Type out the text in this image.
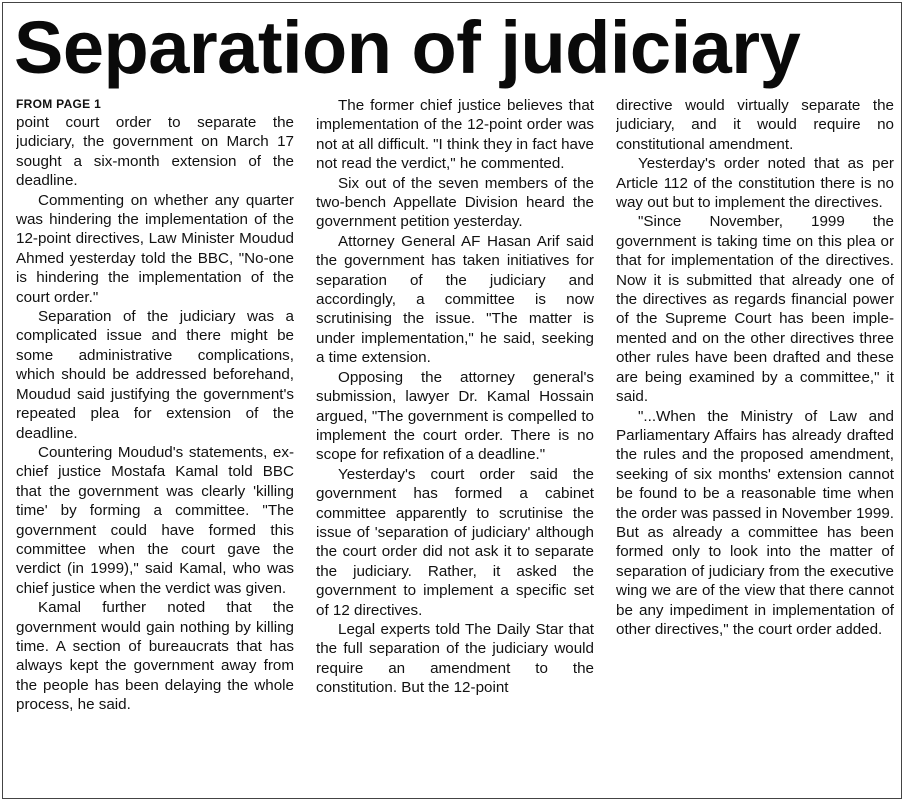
Separation of judiciary
FROM PAGE 1

point court order to separate the judiciary, the government on March 17 sought a six-month extension of the deadline.

Commenting on whether any quarter was hindering the implementation of the 12-point directives, Law Minister Moudud Ahmed yesterday told the BBC, "No-one is hindering the implementation of the court order."

Separation of the judiciary was a complicated issue and there might be some administrative complications, which should be addressed beforehand, Moudud said justifying the government's repeated plea for extension of the deadline.

Countering Moudud's statements, ex-chief justice Mostafa Kamal told BBC that the government was clearly 'killing time' by forming a committee. "The government could have formed this committee when the court gave the verdict (in 1999)," said Kamal, who was chief justice when the verdict was given.

Kamal further noted that the government would gain nothing by killing time. A section of bureaucrats that has always kept the government away from the people has been delaying the whole process, he said.

The former chief justice believes that implementation of the 12-point order was not at all difficult. "I think they in fact have not read the verdict," he commented.

Six out of the seven members of the two-bench Appellate Division heard the government petition yesterday.

Attorney General AF Hasan Arif said the government has taken initiatives for separation of the judiciary and accordingly, a committee is now scrutinising the issue. "The matter is under implementation," he said, seeking a time extension.

Opposing the attorney general's submission, lawyer Dr. Kamal Hossain argued, "The government is compelled to implement the court order. There is no scope for refixation of a deadline."

Yesterday's court order said the government has formed a cabinet committee apparently to scrutinise the issue of 'separation of judiciary' although the court order did not ask it to separate the judiciary. Rather, it asked the government to implement a specific set of 12 directives.

Legal experts told The Daily Star that the full separation of the judiciary would require an amendment to the constitution. But the 12-point

directive would virtually separate the judiciary, and it would require no constitutional amendment.

Yesterday's order noted that as per Article 112 of the constitution there is no way out but to implement the directives.

"Since November, 1999 the government is taking time on this plea or that for implementation of the directives. Now it is submitted that already one of the directives as regards financial power of the Supreme Court has been implemented and on the other directives three other rules have been drafted and these are being examined by a committee," it said.

"...When the Ministry of Law and Parliamentary Affairs has already drafted the rules and the proposed amendment, seeking of six months' extension cannot be found to be a reasonable time when the order was passed in November 1999. But as already a committee has been formed only to look into the matter of separation of judiciary from the executive wing we are of the view that there cannot be any impediment in implementation of other directives," the court order added.
